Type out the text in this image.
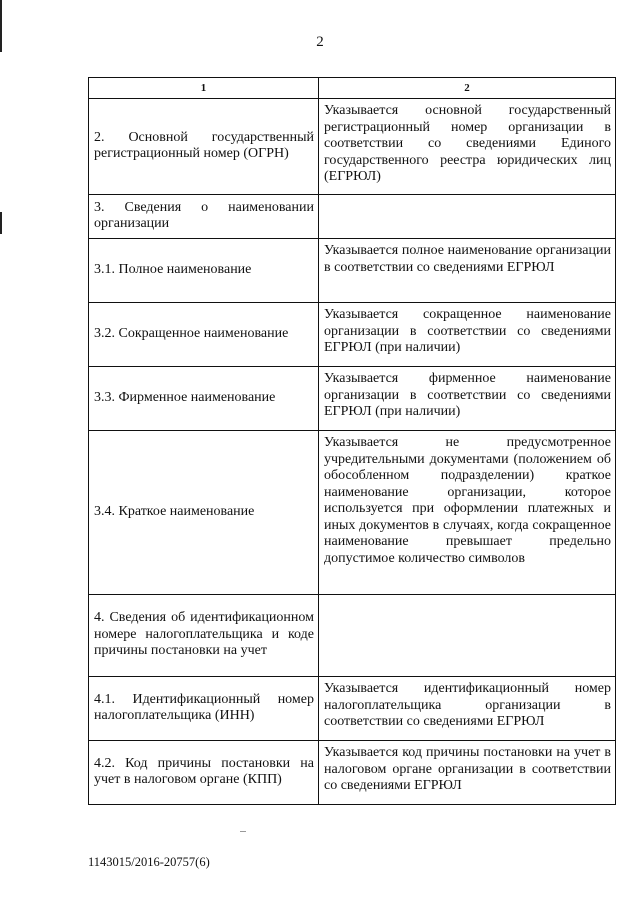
2
1	2
2. Основной государственный регистрационный номер (ОГРН)	Указывается основной государственный регистрационный номер организации в соответствии со сведениями Единого государственного реестра юридических лиц (ЕГРЮЛ)
3. Сведения о наименовании организации	
3.1. Полное наименование	Указывается полное наименование организации в соответствии со сведениями ЕГРЮЛ
3.2. Сокращенное наименование	Указывается сокращенное наименование организации в соответствии со сведениями ЕГРЮЛ (при наличии)
3.3. Фирменное наименование	Указывается фирменное наименование организации в соответствии со сведениями ЕГРЮЛ (при наличии)
3.4. Краткое наименование	Указывается не предусмотренное учредительными документами (положением об обособленном подразделении) краткое наименование организации, которое используется при оформлении платежных и иных документов в случаях, когда сокращенное наименование превышает предельно допустимое количество символов
4. Сведения об идентификационном номере налогоплательщика и коде причины постановки на учет	
4.1. Идентификационный номер налогоплательщика (ИНН)	Указывается идентификационный номер налогоплательщика организации в соответствии со сведениями ЕГРЮЛ
4.2. Код причины постановки на учет в налоговом органе (КПП)	Указывается код причины постановки на учет в налоговом органе организации в соответствии со сведениями ЕГРЮЛ
1143015/2016-20757(6)
